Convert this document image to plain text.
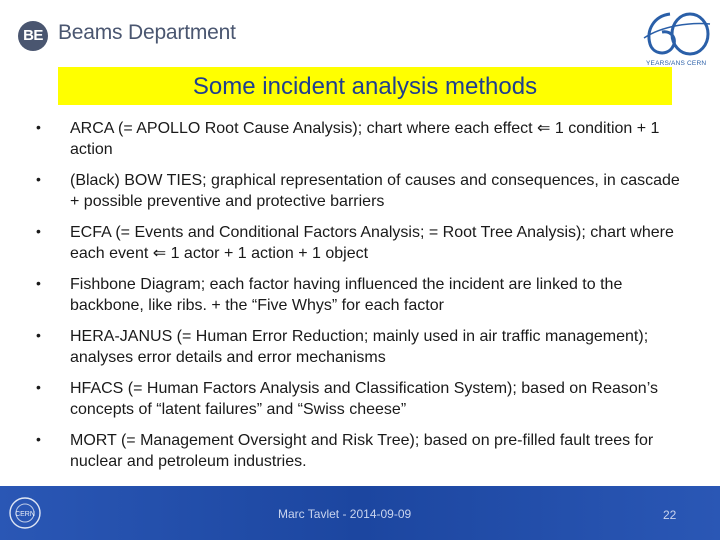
BE Beams Department
YEARS/ANS CERN
Some incident analysis methods
• ARCA (= APOLLO Root Cause Analysis); chart where each effect ⇐ 1 condition + 1 action
• (Black) BOW TIES; graphical representation of causes and consequences, in cascade + possible preventive and protective barriers
• ECFA (= Events and Conditional Factors Analysis; = Root Tree Analysis); chart where each event ⇐ 1 actor + 1 action + 1 object
• Fishbone Diagram; each factor having influenced the incident are linked to the backbone, like ribs. + the “Five Whys” for each factor
• HERA-JANUS (= Human Error Reduction; mainly used in air traffic management); analyses error details and error mechanisms
• HFACS (= Human Factors Analysis and Classification System); based on Reason’s concepts of “latent failures” and “Swiss cheese”
• MORT (= Management Oversight and Risk Tree); based on pre-filled fault trees for nuclear and petroleum industries.
CERN	Marc Tavlet - 2014-09-09	22
